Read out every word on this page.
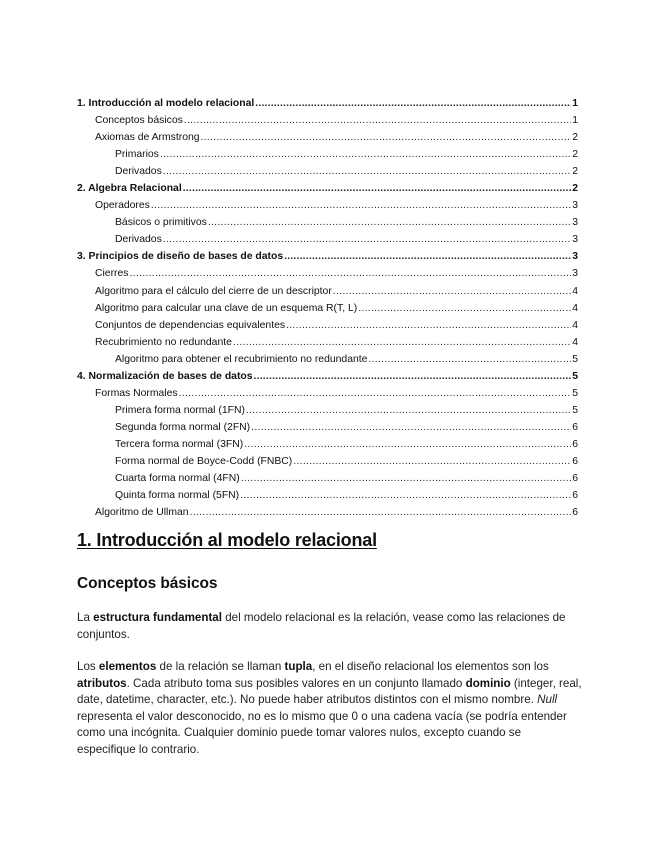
1. Introducción al modelo relacional .....	1
Conceptos básicos .....	1
Axiomas de Armstrong .....	2
Primarios .....	2
Derivados .....	2
2. Algebra Relacional .....	2
Operadores .....	3
Básicos o primitivos .....	3
Derivados .....	3
3. Principios de diseño de bases de datos .....	3
Cierres .....	3
Algoritmo para el cálculo del cierre de un descriptor .....	4
Algoritmo para calcular una clave de un esquema R(T, L) .....	4
Conjuntos de dependencias equivalentes .....	4
Recubrimiento no redundante .....	4
Algoritmo para obtener el recubrimiento no redundante .....	5
4. Normalización de bases de datos .....	5
Formas Normales .....	5
Primera forma normal (1FN) .....	5
Segunda forma normal (2FN) .....	6
Tercera forma normal (3FN) .....	6
Forma normal de Boyce-Codd (FNBC) .....	6
Cuarta forma normal (4FN) .....	6
Quinta forma normal (5FN) .....	6
Algoritmo de Ullman .....	6
1. Introducción al modelo relacional
Conceptos básicos

La estructura fundamental del modelo relacional es la relación, vease como las relaciones de conjuntos.

Los elementos de la relación se llaman tupla, en el diseño relacional los elementos son los atributos. Cada atributo toma sus posibles valores en un conjunto llamado dominio (integer, real, date, datetime, character, etc.). No puede haber atributos distintos con el mismo nombre. Null representa el valor desconocido, no es lo mismo que 0 o una cadena vacía (se podría entender como una incógnita. Cualquier dominio puede tomar valores nulos, excepto cuando se especifique lo contrario.
